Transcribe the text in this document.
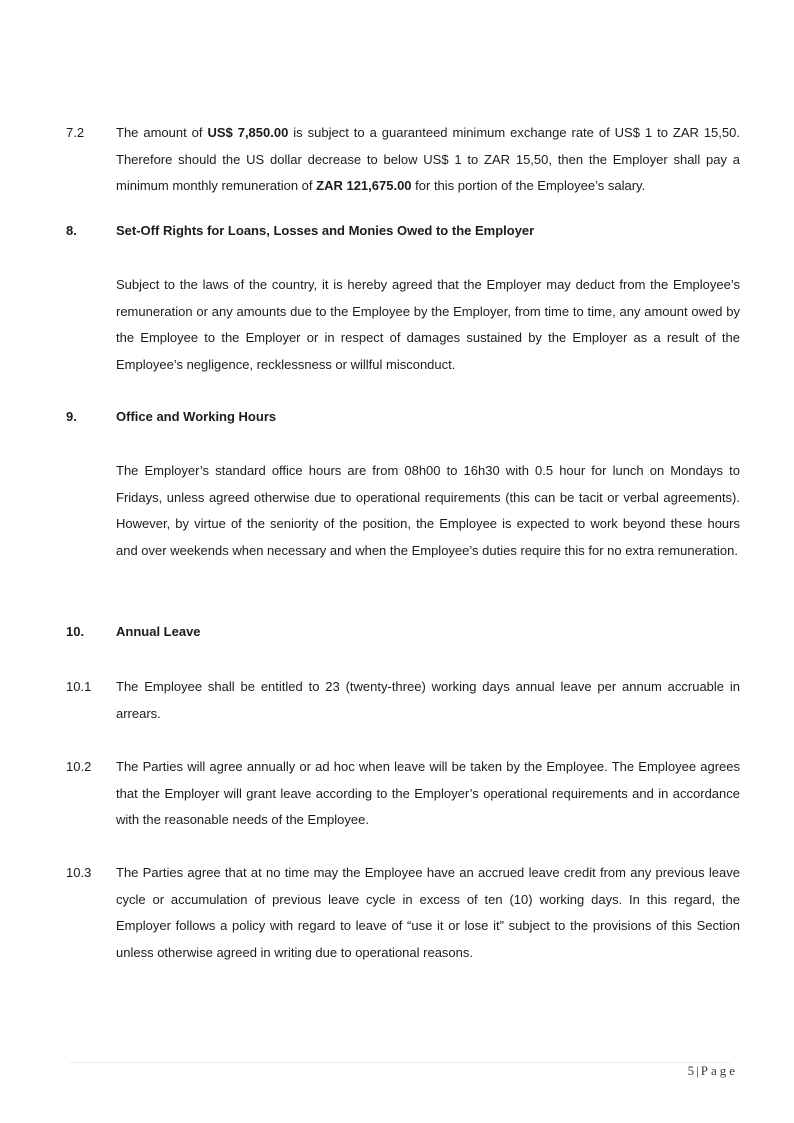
7.2 The amount of US$ 7,850.00 is subject to a guaranteed minimum exchange rate of US$ 1 to ZAR 15,50. Therefore should the US dollar decrease to below US$ 1 to ZAR 15,50, then the Employer shall pay a minimum monthly remuneration of ZAR 121,675.00 for this portion of the Employee’s salary.

8.	Set-Off Rights for Loans, Losses and Monies Owed to the Employer

Subject to the laws of the country, it is hereby agreed that the Employer may deduct from the Employee’s remuneration or any amounts due to the Employee by the Employer, from time to time, any amount owed by the Employee to the Employer or in respect of damages sustained by the Employer as a result of the Employee’s negligence, recklessness or willful misconduct.

9.	Office and Working Hours

The Employer’s standard office hours are from 08h00 to 16h30 with 0.5 hour for lunch on Mondays to Fridays, unless agreed otherwise due to operational requirements (this can be tacit or verbal agreements). However, by virtue of the seniority of the position, the Employee is expected to work beyond these hours and over weekends when necessary and when the Employee’s duties require this for no extra remuneration.

10. Annual Leave
10.1 The Employee shall be entitled to 23 (twenty-three) working days annual leave per annum accruable in arrears.

10.2 The Parties will agree annually or ad hoc when leave will be taken by the Employee. The Employee agrees that the Employer will grant leave according to the Employer’s operational requirements and in accordance with the reasonable needs of the Employee.

10.3 The Parties agree that at no time may the Employee have an accrued leave credit from any previous leave cycle or accumulation of previous leave cycle in excess of ten (10) working days. In this regard, the Employer follows a policy with regard to leave of “use it or lose it” subject to the provisions of this Section unless otherwise agreed in writing due to operational reasons.

5 | Page
